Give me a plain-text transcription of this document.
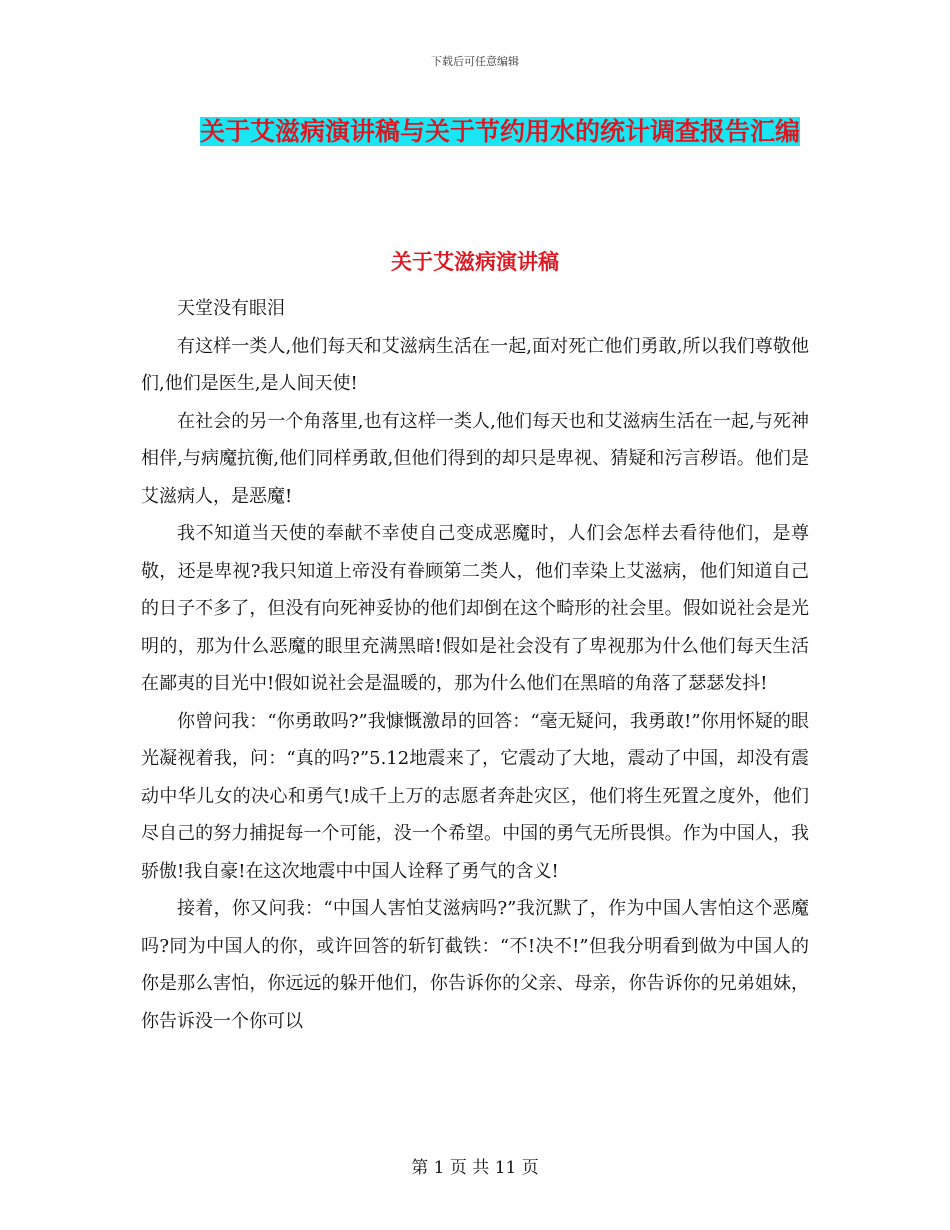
下载后可任意编辑
关于艾滋病演讲稿与关于节约用水的统计调查报告汇编
关于艾滋病演讲稿

天堂没有眼泪

有这样一类人,他们每天和艾滋病生活在一起,面对死亡他们勇敢,所以我们尊敬他们,他们是医生,是人间天使!

在社会的另一个角落里,也有这样一类人,他们每天也和艾滋病生活在一起,与死神相伴,与病魔抗衡,他们同样勇敢,但他们得到的却只是卑视、猜疑和污言秽语。他们是艾滋病人，是恶魔!

我不知道当天使的奉献不幸使自己变成恶魔时，人们会怎样去看待他们，是尊敬，还是卑视?我只知道上帝没有眷顾第二类人，他们幸染上艾滋病，他们知道自己的日子不多了，但没有向死神妥协的他们却倒在这个畸形的社会里。假如说社会是光明的，那为什么恶魔的眼里充满黑暗!假如是社会没有了卑视那为什么他们每天生活在鄙夷的目光中!假如说社会是温暖的，那为什么他们在黑暗的角落了瑟瑟发抖!

你曾问我：“你勇敢吗?”我慷慨激昂的回答：“毫无疑问，我勇敢!”你用怀疑的眼光凝视着我，问：“真的吗?”5.12地震来了，它震动了大地，震动了中国，却没有震动中华儿女的决心和勇气!成千上万的志愿者奔赴灾区，他们将生死置之度外，他们尽自己的努力捕捉每一个可能，没一个希望。中国的勇气无所畏惧。作为中国人，我骄傲!我自豪!在这次地震中中国人诠释了勇气的含义!

接着，你又问我：“中国人害怕艾滋病吗?”我沉默了，作为中国人害怕这个恶魔吗?同为中国人的你，或许回答的斩钉截铁：“不!决不!”但我分明看到做为中国人的你是那么害怕，你远远的躲开他们，你告诉你的父亲、母亲，你告诉你的兄弟姐妹，你告诉没一个你可以

第 1 页 共 11 页
